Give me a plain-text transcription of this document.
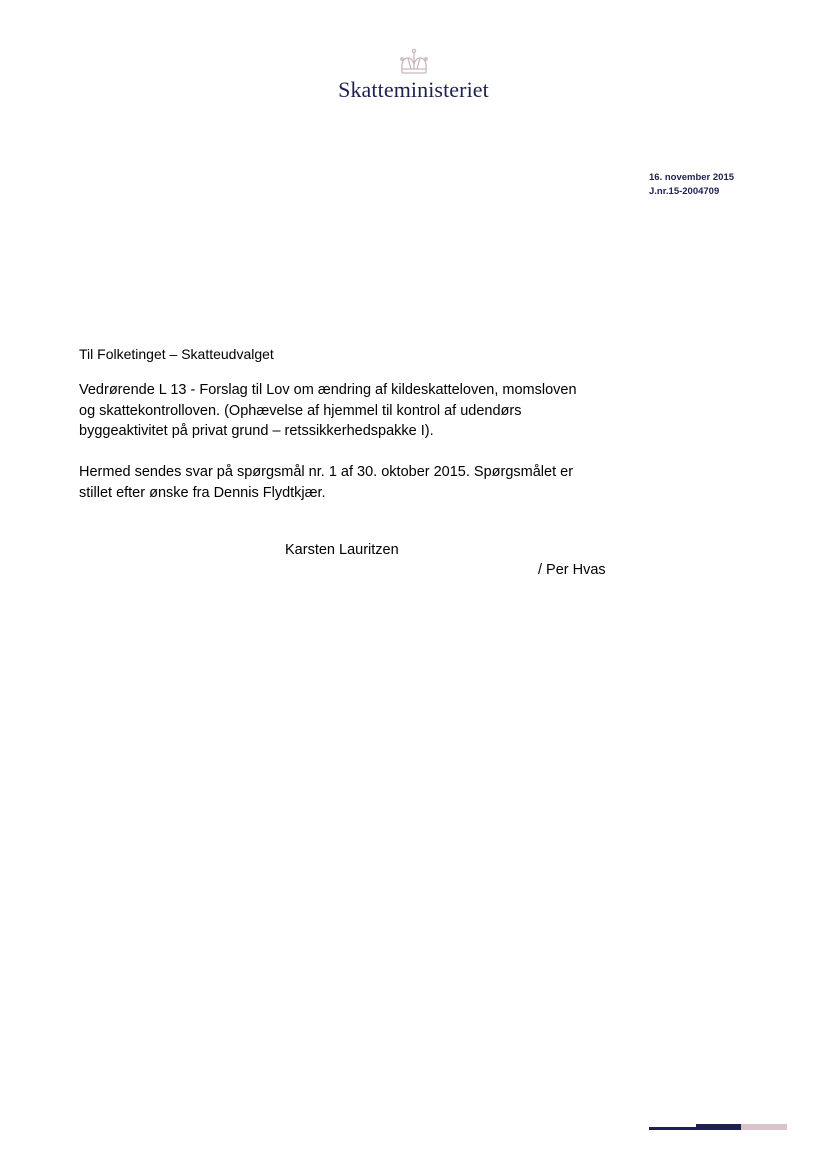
Skatteministeriet
16. november 2015
J.nr.15-2004709
Til Folketinget – Skatteudvalget
Vedrørende L 13 - Forslag til Lov om ændring af kildeskatteloven, momsloven
og skattekontrolloven. (Ophævelse af hjemmel til kontrol af udendørs
byggeaktivitet på privat grund – retssikkerhedspakke I).
Hermed sendes svar på spørgsmål nr. 1 af 30. oktober 2015. Spørgsmålet er
stillet efter ønske fra Dennis Flydtkjær.
Karsten Lauritzen
/ Per Hvas
